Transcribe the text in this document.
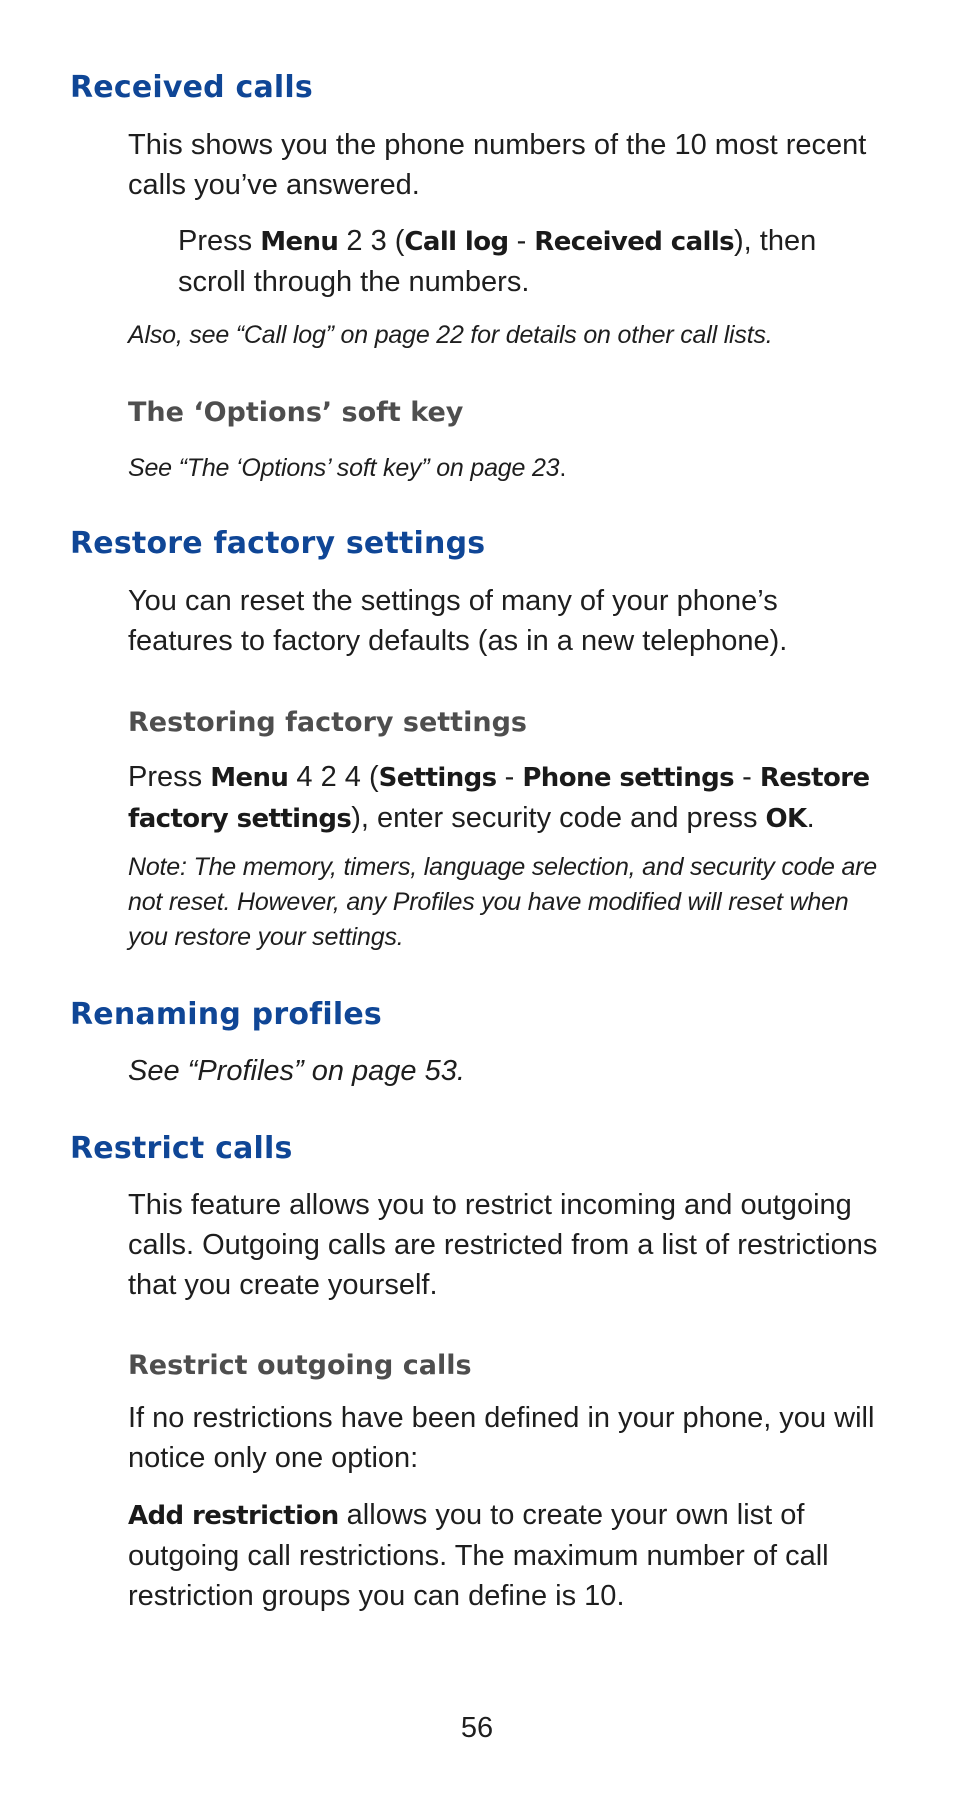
Received calls

This shows you the phone numbers of the 10 most recent calls you’ve answered.

Press Menu 2 3 (Call log - Received calls), then scroll through the numbers.

Also, see “Call log” on page 22 for details on other call lists.

The ‘Options’ soft key

See “The ‘Options’ soft key” on page 23.

Restore factory settings

You can reset the settings of many of your phone’s features to factory defaults (as in a new telephone).

Restoring factory settings

Press Menu 4 2 4 (Settings - Phone settings - Restore factory settings), enter security code and press OK.

Note: The memory, timers, language selection, and security code are not reset. However, any Profiles you have modified will reset when you restore your settings.

Renaming profiles

See “Profiles” on page 53.

Restrict calls

This feature allows you to restrict incoming and outgoing calls. Outgoing calls are restricted from a list of restrictions that you create yourself.

Restrict outgoing calls

If no restrictions have been defined in your phone, you will notice only one option:

Add restriction allows you to create your own list of outgoing call restrictions. The maximum number of call restriction groups you can define is 10.

56
